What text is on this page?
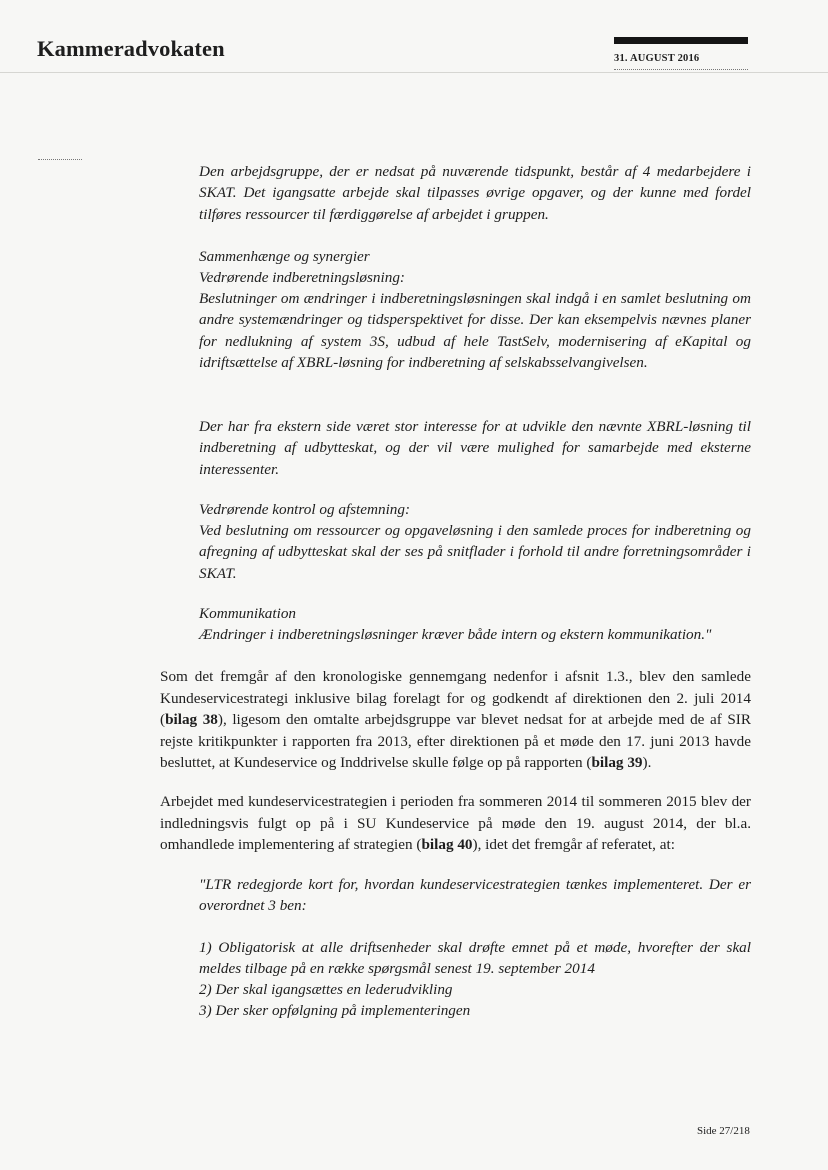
Kammeradvokaten	31. AUGUST 2016
Den arbejdsgruppe, der er nedsat på nuværende tidspunkt, består af 4 medarbejdere i SKAT. Det igangsatte arbejde skal tilpasses øvrige opgaver, og der kunne med fordel tilføres ressourcer til færdiggørelse af arbejdet i gruppen.
Sammenhænge og synergier
Vedrørende indberetningsløsning:
Beslutninger om ændringer i indberetningsløsningen skal indgå i en samlet beslutning om andre systemændringer og tidsperspektivet for disse. Der kan eksempelvis nævnes planer for nedlukning af system 3S, udbud af hele TastSelv, modernisering af eKapital og idriftsættelse af XBRL-løsning for indberetning af selskabsselvangivelsen.
Der har fra ekstern side været stor interesse for at udvikle den nævnte XBRL-løsning til indberetning af udbytteskat, og der vil være mulighed for samarbejde med eksterne interessenter.
Vedrørende kontrol og afstemning:
Ved beslutning om ressourcer og opgaveløsning i den samlede proces for indberetning og afregning af udbytteskat skal der ses på snitflader i forhold til andre forretningsområder i SKAT.
Kommunikation
Ændringer i indberetningsløsninger kræver både intern og ekstern kommunikation."
Som det fremgår af den kronologiske gennemgang nedenfor i afsnit 1.3., blev den samlede Kundeservicestrategi inklusive bilag forelagt for og godkendt af direktionen den 2. juli 2014 (bilag 38), ligesom den omtalte arbejdsgruppe var blevet nedsat for at arbejde med de af SIR rejste kritikpunkter i rapporten fra 2013, efter direktionen på et møde den 17. juni 2013 havde besluttet, at Kundeservice og Inddrivelse skulle følge op på rapporten (bilag 39).
Arbejdet med kundeservicestrategien i perioden fra sommeren 2014 til sommeren 2015 blev der indledningsvis fulgt op på i SU Kundeservice på møde den 19. august 2014, der bl.a. omhandlede implementering af strategien (bilag 40), idet det fremgår af referatet, at:
"LTR redegjorde kort for, hvordan kundeservicestrategien tænkes implementeret. Der er overordnet 3 ben:
1) Obligatorisk at alle driftsenheder skal drøfte emnet på et møde, hvorefter der skal meldes tilbage på en række spørgsmål senest 19. september 2014
2) Der skal igangsættes en lederudvikling
3) Der sker opfølgning på implementeringen
Side 27/218
